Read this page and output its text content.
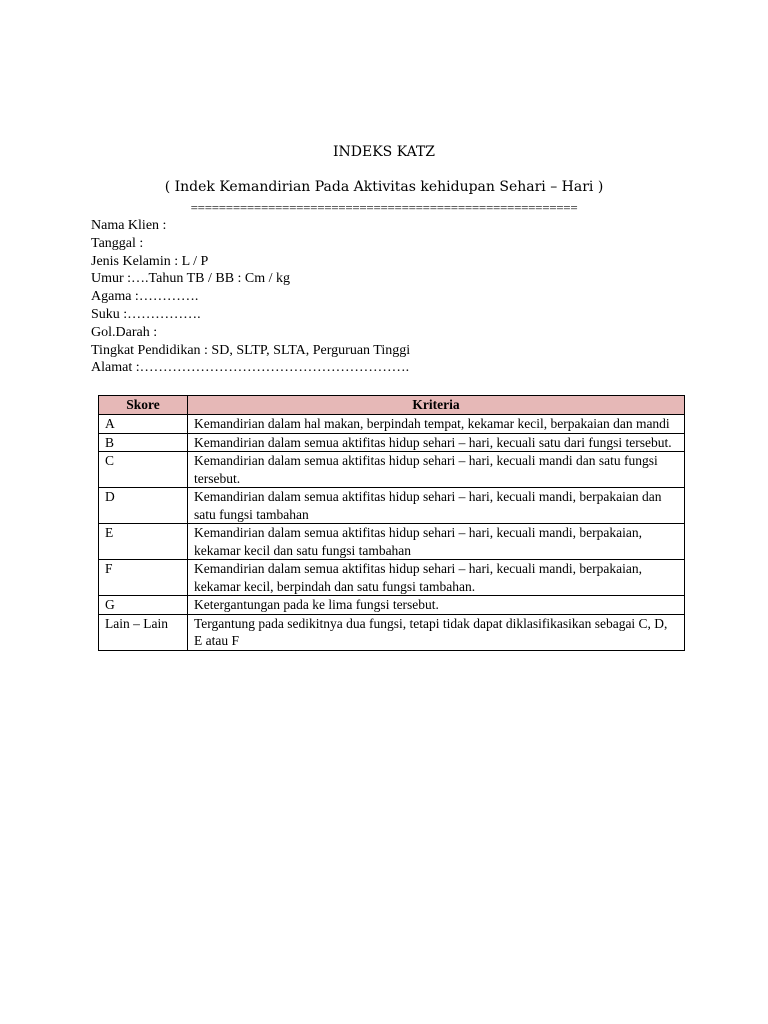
INDEKS KATZ
( Indek Kemandirian Pada Aktivitas kehidupan Sehari – Hari )
=======================================================
Nama Klien :
Tanggal :
Jenis Kelamin : L / P
Umur :….Tahun TB / BB : Cm / kg
Agama :………….
Suku :…………….
Gol.Darah :
Tingkat Pendidikan : SD, SLTP, SLTA, Perguruan Tinggi
Alamat :………………………………………………….
Skore	Kriteria
A	Kemandirian dalam hal makan, berpindah tempat, kekamar kecil, berpakaian dan mandi
B	Kemandirian dalam semua aktifitas hidup sehari – hari, kecuali satu dari fungsi tersebut.
C	Kemandirian dalam semua aktifitas hidup sehari – hari, kecuali mandi dan satu fungsi tersebut.
D	Kemandirian dalam semua aktifitas hidup sehari – hari, kecuali mandi, berpakaian dan satu fungsi tambahan
E	Kemandirian dalam semua aktifitas hidup sehari – hari, kecuali mandi, berpakaian, kekamar kecil dan satu fungsi tambahan
F	Kemandirian dalam semua aktifitas hidup sehari – hari, kecuali mandi, berpakaian, kekamar kecil, berpindah dan satu fungsi tambahan.
G	Ketergantungan pada ke lima fungsi tersebut.
Lain – Lain	Tergantung pada sedikitnya dua fungsi, tetapi tidak dapat diklasifikasikan sebagai C, D, E atau F
